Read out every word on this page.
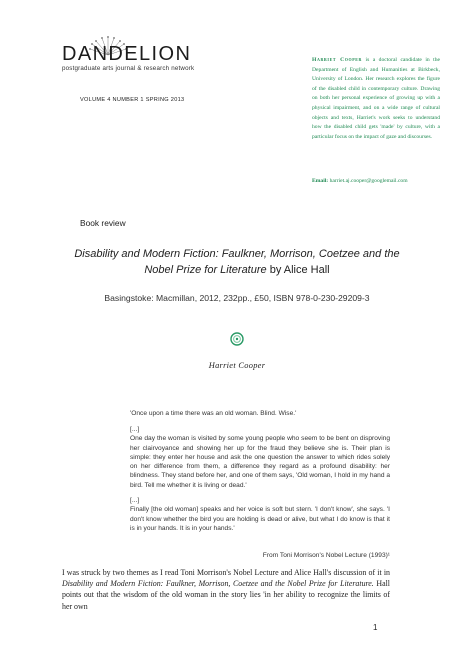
DANDELION
postgraduate arts journal & research network
VOLUME 4 NUMBER 1 SPRING 2013
Harriet Cooper is a doctoral candidate in the Department of English and Humanities at Birkbeck, University of London. Her research explores the figure of the disabled child in contemporary culture. Drawing on both her personal experience of growing up with a physical impairment, and on a wide range of cultural objects and texts, Harriet's work seeks to understand how the disabled child gets 'made' by culture, with a particular focus on the impact of gaze and discourses.
Email: harriet.aj.cooper@googlemail.com
Book review
Disability and Modern Fiction: Faulkner, Morrison, Coetzee and the Nobel Prize for Literature by Alice Hall
Basingstoke: Macmillan, 2012, 232pp., £50, ISBN 978-0-230-29209-3
Harriet Cooper
'Once upon a time there was an old woman. Blind. Wise.'
[...]
One day the woman is visited by some young people who seem to be bent on disproving her clairvoyance and showing her up for the fraud they believe she is. Their plan is simple: they enter her house and ask the one question the answer to which rides solely on her difference from them, a difference they regard as a profound disability: her blindness. They stand before her, and one of them says, 'Old woman, I hold in my hand a bird. Tell me whether it is living or dead.'
[...]
Finally [the old woman] speaks and her voice is soft but stern. 'I don't know', she says. 'I don't know whether the bird you are holding is dead or alive, but what I do know is that it is in your hands. It is in your hands.'
From Toni Morrison's Nobel Lecture (1993)¹
I was struck by two themes as I read Toni Morrison's Nobel Lecture and Alice Hall's discussion of it in Disability and Modern Fiction: Faulkner, Morrison, Coetzee and the Nobel Prize for Literature. Hall points out that the wisdom of the old woman in the story lies 'in her ability to recognize the limits of her own
1
